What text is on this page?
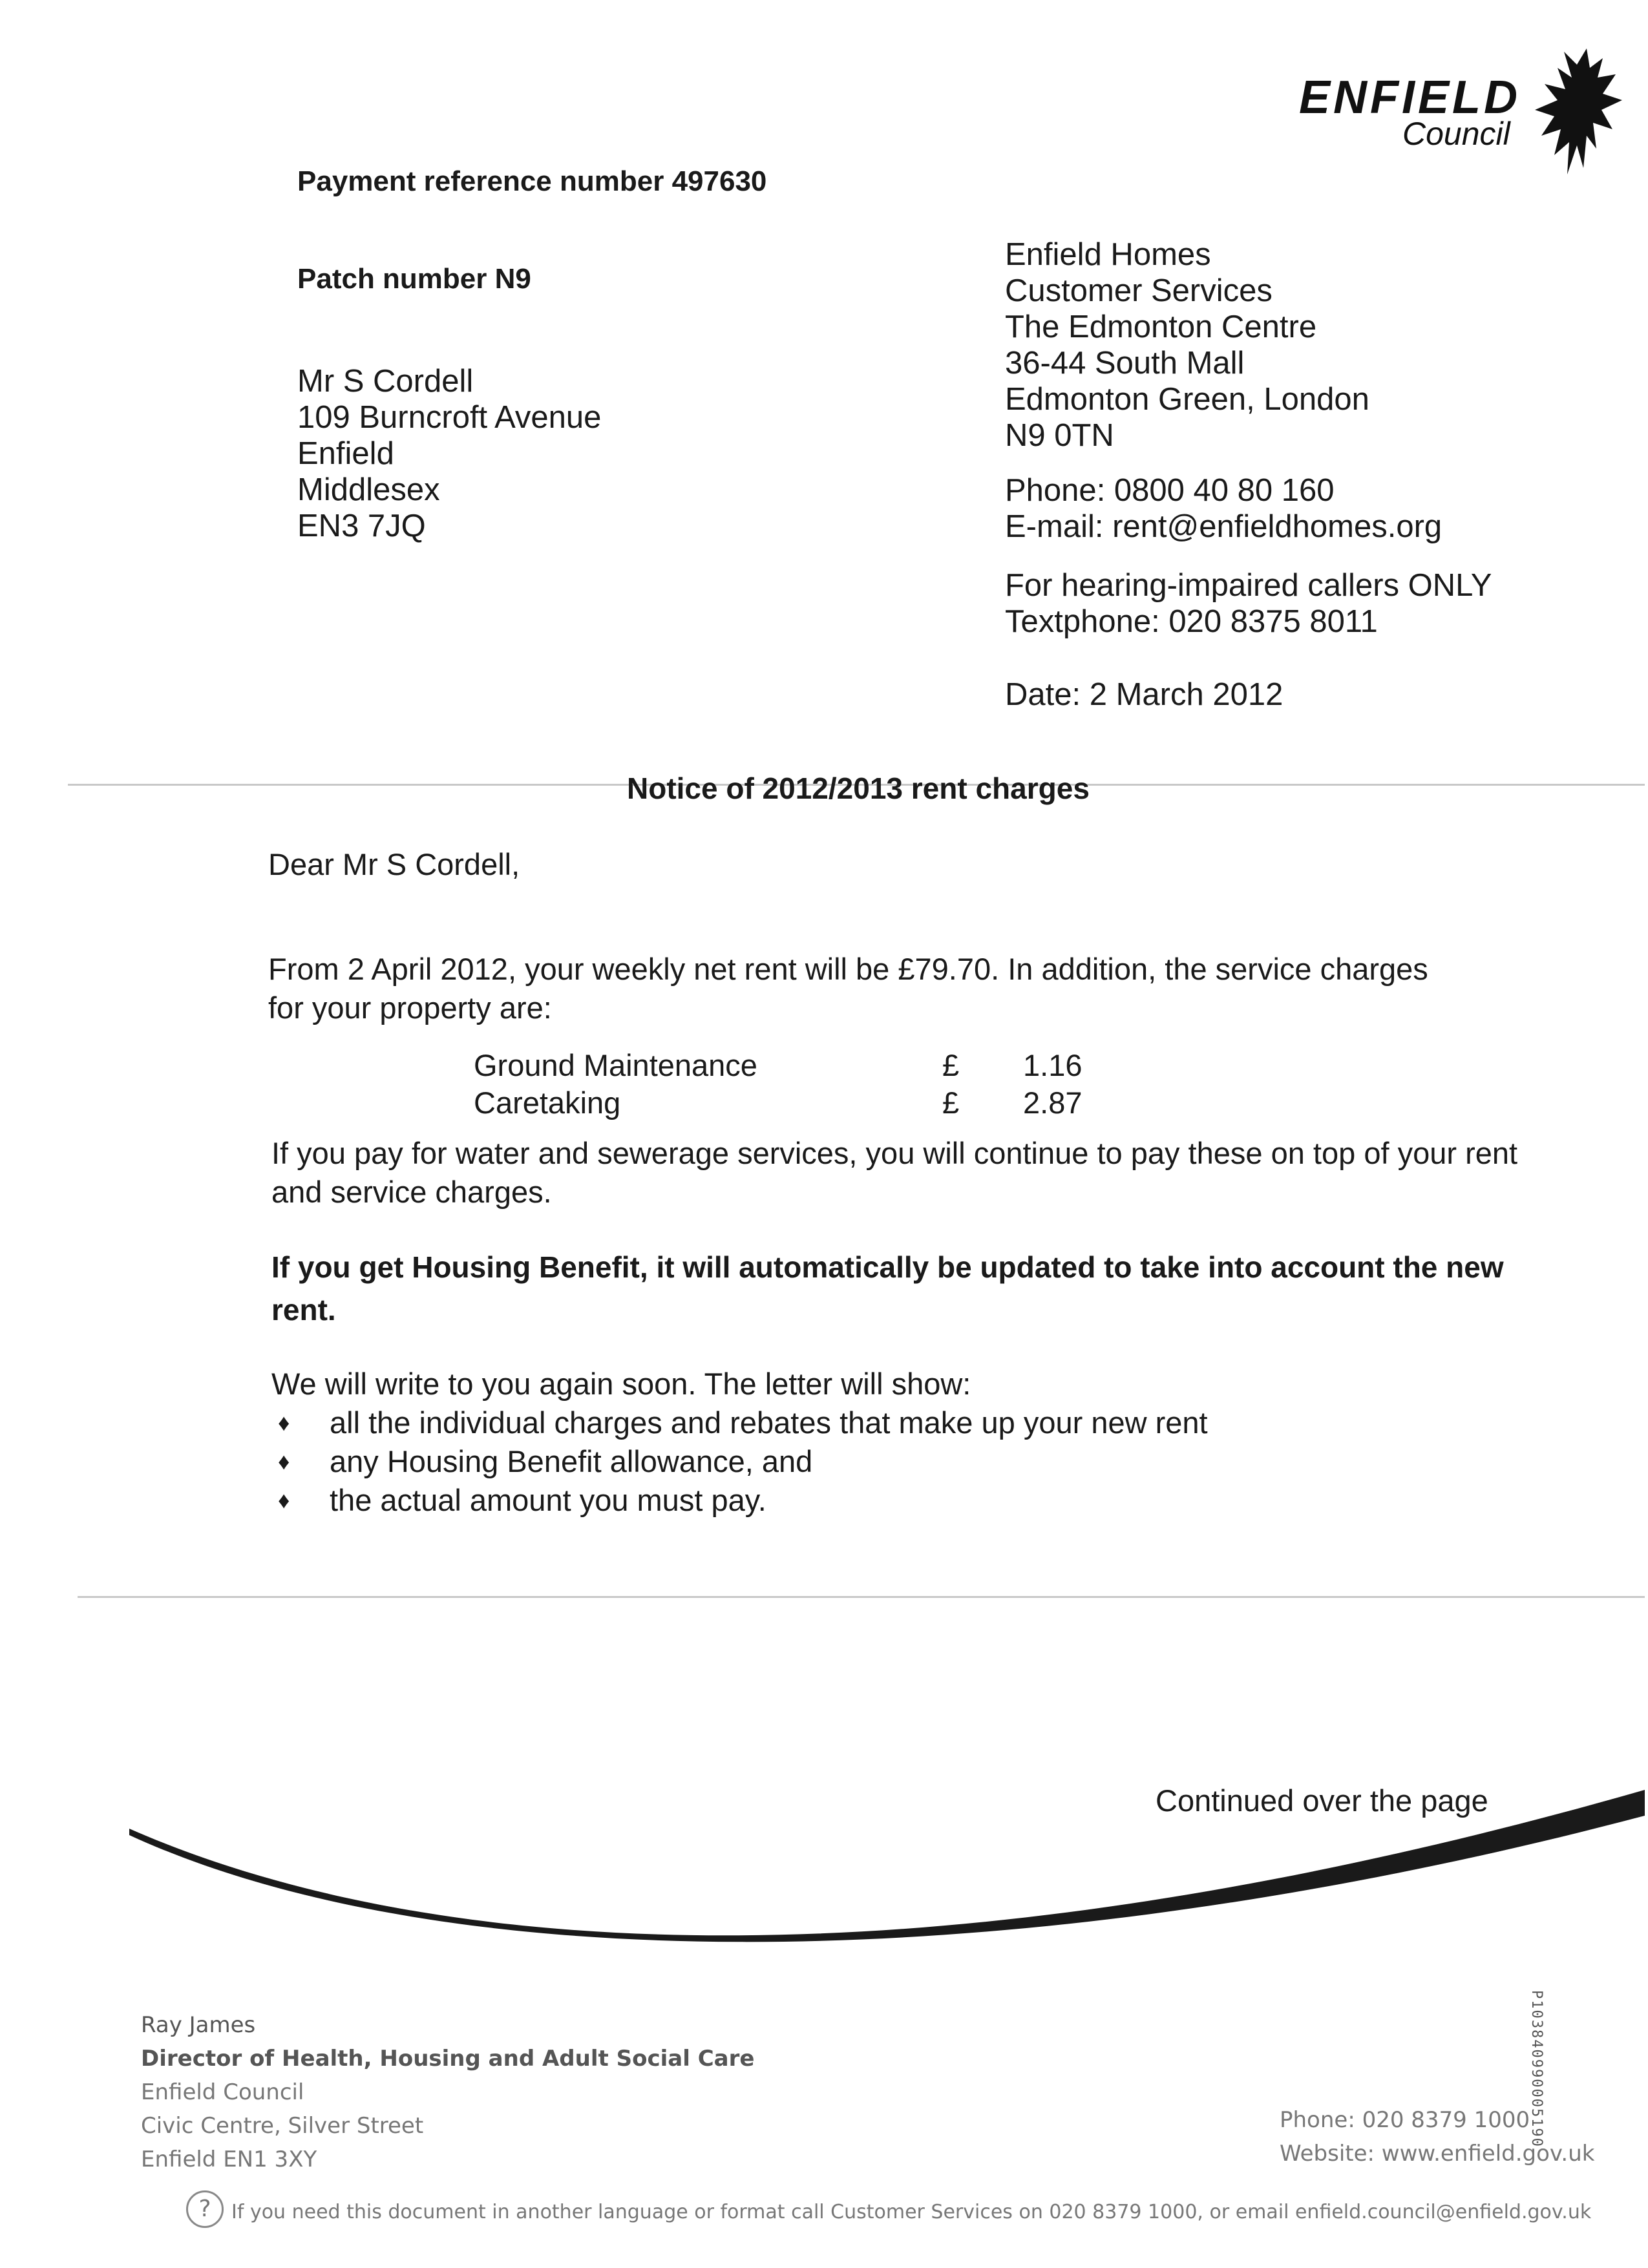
ENFIELD
Council
Payment reference number 497630
Patch number N9
Mr S Cordell
109 Burncroft Avenue
Enfield
Middlesex
EN3 7JQ
Enfield Homes
Customer Services
The Edmonton Centre
36-44 South Mall
Edmonton Green, London
N9 0TN
Phone: 0800 40 80 160
E-mail: rent@enfieldhomes.org
For hearing-impaired callers ONLY
Textphone: 020 8375 8011
Date: 2 March 2012
Notice of 2012/2013 rent charges
Dear Mr S Cordell,
From 2 April 2012, your weekly net rent will be £79.70. In addition, the service charges for your property are:
Ground Maintenance	£ 1.16
Caretaking	£ 2.87
If you pay for water and sewerage services, you will continue to pay these on top of your rent and service charges.
If you get Housing Benefit, it will automatically be updated to take into account the new rent.
We will write to you again soon. The letter will show:
♦ all the individual charges and rebates that make up your new rent
♦ any Housing Benefit allowance, and
♦ the actual amount you must pay.
Continued over the page
P103840990005190
Ray James
Director of Health, Housing and Adult Social Care
Enfield Council
Civic Centre, Silver Street
Enfield EN1 3XY
Phone: 020 8379 1000
Website: www.enfield.gov.uk
?	If you need this document in another language or format call Customer Services on 020 8379 1000, or email enfield.council@enfield.gov.uk
